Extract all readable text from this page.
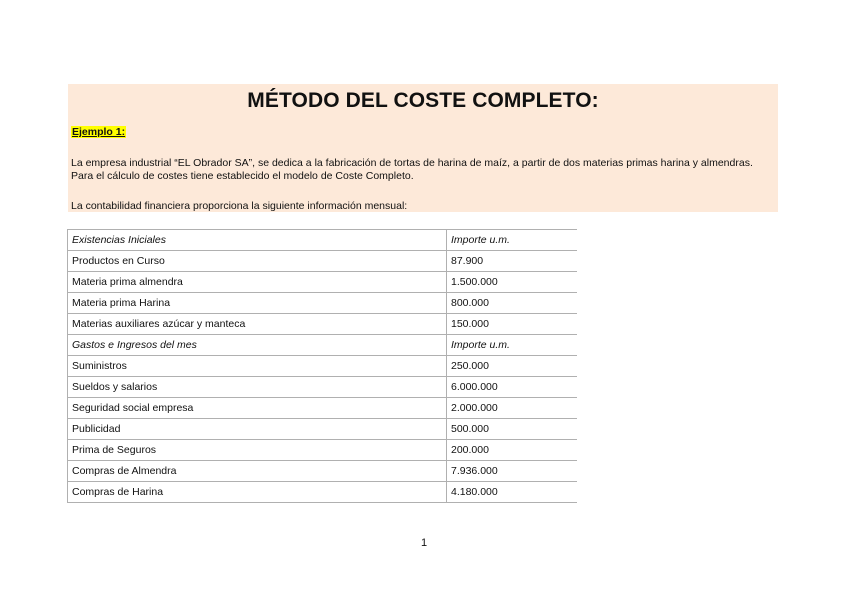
MÉTODO DEL COSTE COMPLETO:
Ejemplo 1:
La empresa industrial “EL Obrador SA”, se dedica a la fabricación de tortas de harina de maíz, a partir de dos materias primas harina y almendras.
Para el cálculo de costes tiene establecido el modelo de Coste Completo.
La contabilidad financiera proporciona la siguiente información mensual:
Existencias Iniciales	Importe u.m.
Productos en Curso	87.900
Materia prima almendra	1.500.000
Materia prima Harina	800.000
Materias auxiliares azúcar y manteca	150.000
Gastos e Ingresos del mes	Importe u.m.
Suministros	250.000
Sueldos y salarios	6.000.000
Seguridad social empresa	2.000.000
Publicidad	500.000
Prima de Seguros	200.000
Compras de Almendra	7.936.000
Compras de Harina	4.180.000
1
